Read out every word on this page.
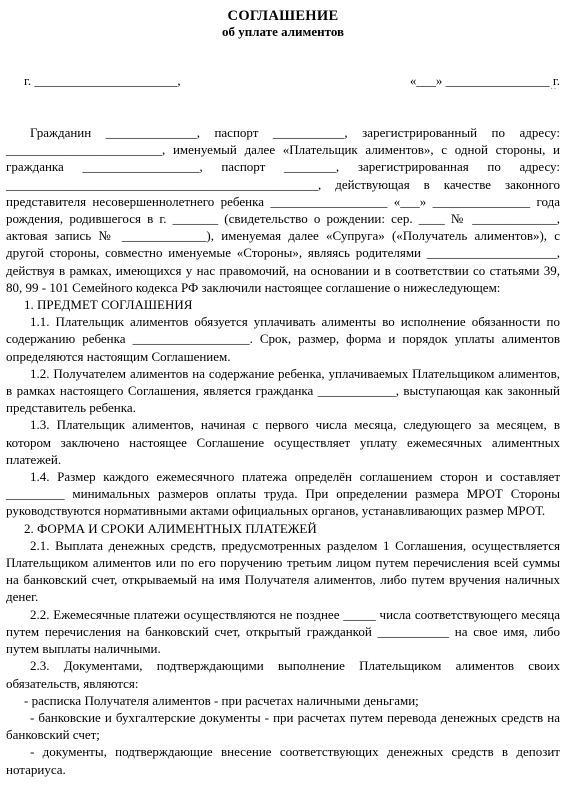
СОГЛАШЕНИЕ
об уплате алиментов
г. ______________________,	«___» ________________ г.
˙˙

Гражданин ______________, паспорт ___________, зарегистрированный по адресу: ________________________, именуемый далее «Плательщик алиментов», с одной стороны, и гражданка __________________, паспорт ________, зарегистрированная по адресу: ________________________________________________, действующая в качестве законного представителя несовершеннолетнего ребенка __________________ «___» _______________ года рождения, родившегося в г. _______ (свидетельство о рождении: сер. ____ № _____________, актовая запись № _____________), именуемая далее «Супруга» («Получатель алиментов»), с другой стороны, совместно именуемые «Стороны», являясь родителями ____________________, действуя в рамках, имеющихся у нас правомочий, на основании и в соответствии со статьями 39, 80, 99 - 101 Семейного кодекса РФ заключили настоящее соглашение о нижеследующем:

1. ПРЕДМЕТ СОГЛАШЕНИЯ

1.1. Плательщик алиментов обязуется уплачивать алименты во исполнение обязанности по содержанию ребенка __________________. Срок, размер, форма и порядок уплаты алиментов определяются настоящим Соглашением.

1.2. Получателем алиментов на содержание ребенка, уплачиваемых Плательщиком алиментов, в рамках настоящего Соглашения, является гражданка ____________, выступающая как законный представитель ребенка.

1.3. Плательщик алиментов, начиная с первого числа месяца, следующего за месяцем, в котором заключено настоящее Соглашение осуществляет уплату ежемесячных алиментных платежей.

1.4. Размер каждого ежемесячного платежа определён соглашением сторон и составляет _________ минимальных размеров оплаты труда. При определении размера МРОТ Стороны руководствуются нормативными актами официальных органов, устанавливающих размер МРОТ.

2. ФОРМА И СРОКИ АЛИМЕНТНЫХ ПЛАТЕЖЕЙ

2.1. Выплата денежных средств, предусмотренных разделом 1 Соглашения, осуществляется Плательщиком алиментов или по его поручению третьим лицом путем перечисления всей суммы на банковский счет, открываемый на имя Получателя алиментов, либо путем вручения наличных денег.

2.2. Ежемесячные платежи осуществляются не позднее _____ числа соответствующего месяца путем перечисления на банковский счет, открытый гражданкой ___________ на свое имя, либо путем выплаты наличными.

2.3. Документами, подтверждающими выполнение Плательщиком алиментов своих обязательств, являются:

- расписка Получателя алиментов - при расчетах наличными деньгами;

- банковские и бухгалтерские документы - при расчетах путем перевода денежных средств на банковский счет;

- документы, подтверждающие внесение соответствующих денежных средств в депозит нотариуса.
